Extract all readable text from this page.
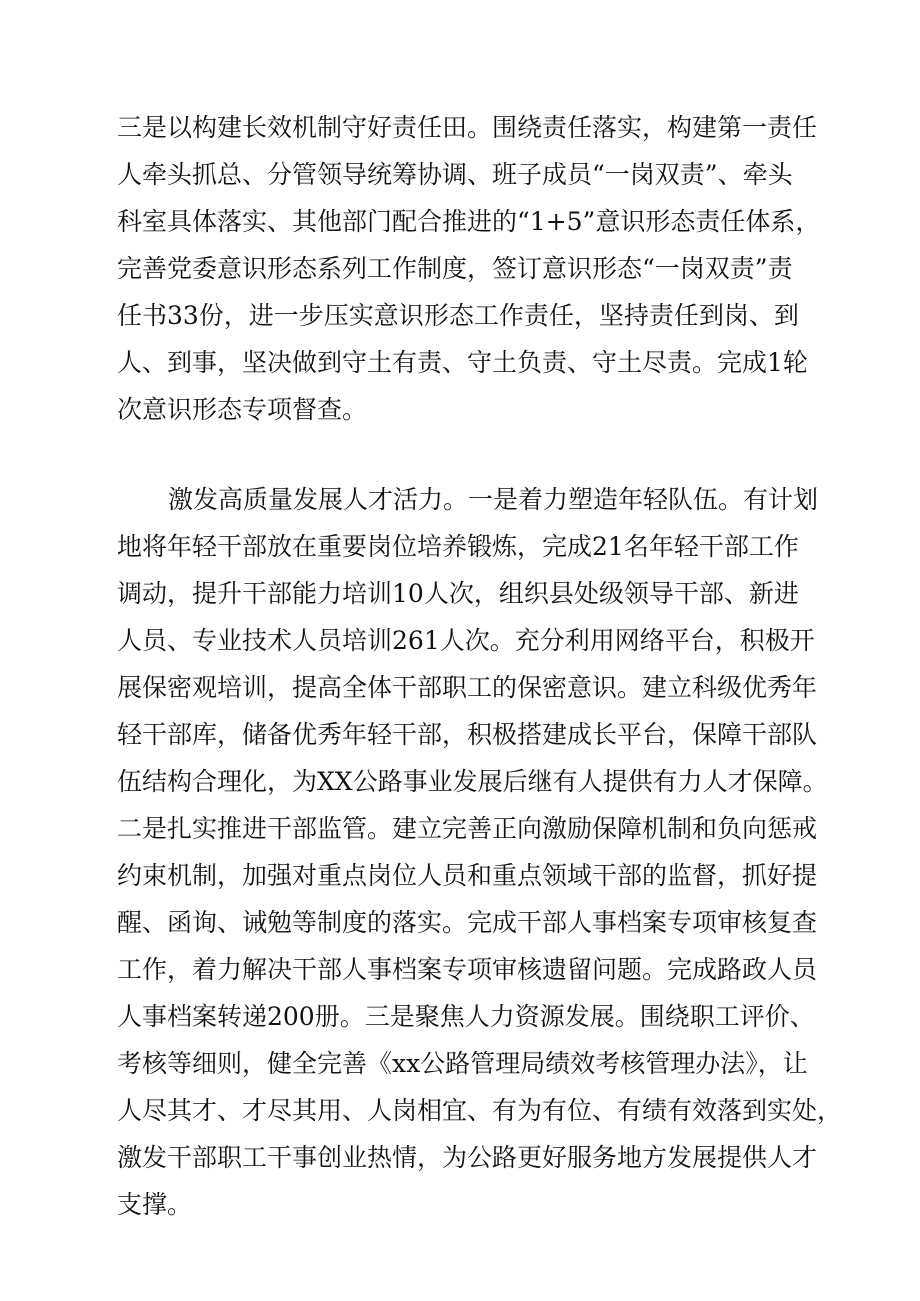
三是以构建长效机制守好责任田。围绕责任落实，构建第一责任
人牵头抓总、分管领导统筹协调、班子成员“一岗双责”、牵头
科室具体落实、其他部门配合推进的“1+5”意识形态责任体系，
完善党委意识形态系列工作制度，签订意识形态“一岗双责”责
任书33份，进一步压实意识形态工作责任，坚持责任到岗、到
人、到事，坚决做到守土有责、守土负责、守土尽责。完成1轮
次意识形态专项督查。
激发高质量发展人才活力。一是着力塑造年轻队伍。有计划
地将年轻干部放在重要岗位培养锻炼，完成21名年轻干部工作
调动，提升干部能力培训10人次，组织县处级领导干部、新进
人员、专业技术人员培训261人次。充分利用网络平台，积极开
展保密观培训，提高全体干部职工的保密意识。建立科级优秀年
轻干部库，储备优秀年轻干部，积极搭建成长平台，保障干部队
伍结构合理化，为XX公路事业发展后继有人提供有力人才保障。
二是扎实推进干部监管。建立完善正向激励保障机制和负向惩戒
约束机制，加强对重点岗位人员和重点领域干部的监督，抓好提
醒、函询、诫勉等制度的落实。完成干部人事档案专项审核复查
工作，着力解决干部人事档案专项审核遗留问题。完成路政人员
人事档案转递200册。三是聚焦人力资源发展。围绕职工评价、
考核等细则，健全完善《xx公路管理局绩效考核管理办法》，让
人尽其才、才尽其用、人岗相宜、有为有位、有绩有效落到实处，
激发干部职工干事创业热情，为公路更好服务地方发展提供人才
支撑。
